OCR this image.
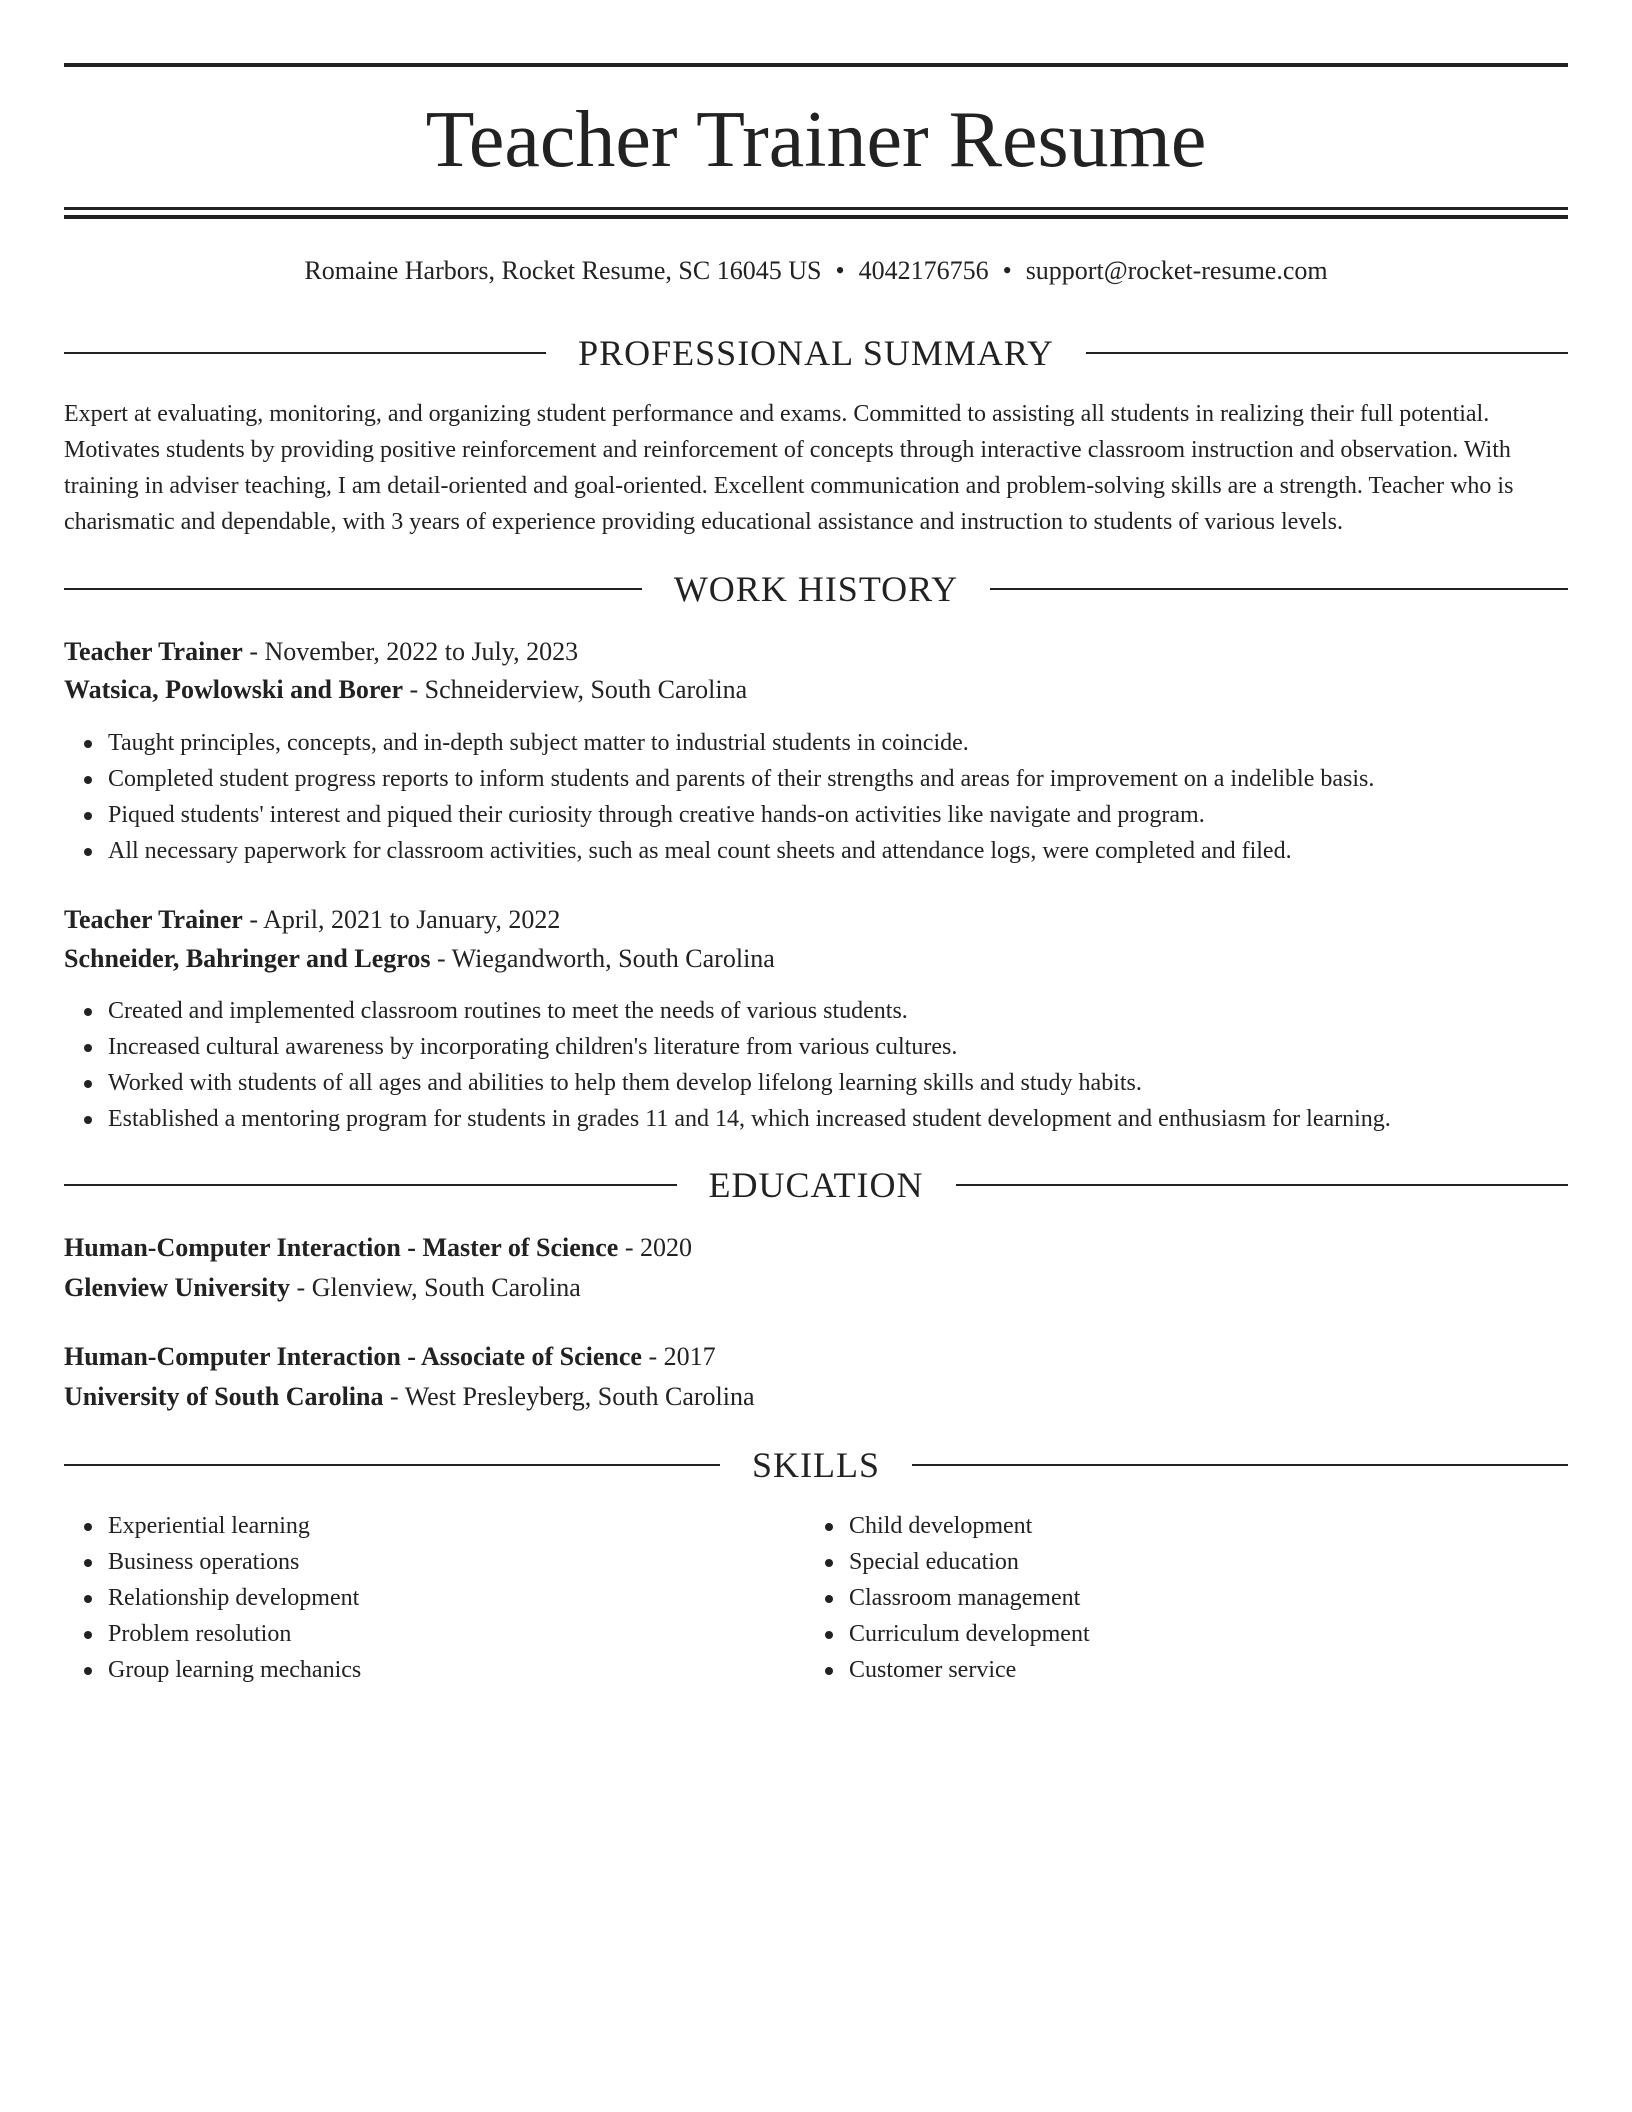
Teacher Trainer Resume
Romaine Harbors, Rocket Resume, SC 16045 US • 4042176756 • support@rocket-resume.com
PROFESSIONAL SUMMARY

Expert at evaluating, monitoring, and organizing student performance and exams. Committed to assisting all students in realizing their full potential. Motivates students by providing positive reinforcement and reinforcement of concepts through interactive classroom instruction and observation. With training in adviser teaching, I am detail-oriented and goal-oriented. Excellent communication and problem-solving skills are a strength. Teacher who is charismatic and dependable, with 3 years of experience providing educational assistance and instruction to students of various levels.

WORK HISTORY
Teacher Trainer - November, 2022 to July, 2023
Watsica, Powlowski and Borer - Schneiderview, South Carolina
Taught principles, concepts, and in-depth subject matter to industrial students in coincide.
Completed student progress reports to inform students and parents of their strengths and areas for improvement on a indelible basis.
Piqued students' interest and piqued their curiosity through creative hands-on activities like navigate and program.
All necessary paperwork for classroom activities, such as meal count sheets and attendance logs, were completed and filed.
Teacher Trainer - April, 2021 to January, 2022
Schneider, Bahringer and Legros - Wiegandworth, South Carolina
Created and implemented classroom routines to meet the needs of various students.
Increased cultural awareness by incorporating children's literature from various cultures.
Worked with students of all ages and abilities to help them develop lifelong learning skills and study habits.
Established a mentoring program for students in grades 11 and 14, which increased student development and enthusiasm for learning.
EDUCATION
Human-Computer Interaction - Master of Science - 2020
Glenview University - Glenview, South Carolina
Human-Computer Interaction - Associate of Science - 2017
University of South Carolina - West Presleyberg, South Carolina
SKILLS
Experiential learning
Business operations
Relationship development
Problem resolution
Group learning mechanics
Child development
Special education
Classroom management
Curriculum development
Customer service
